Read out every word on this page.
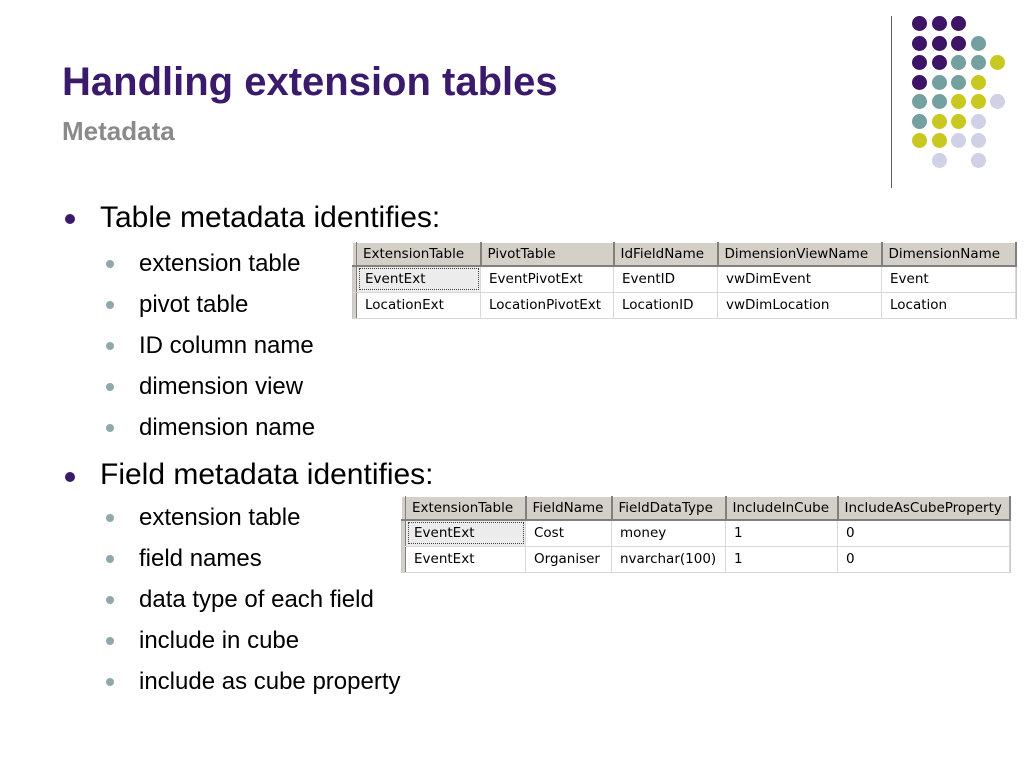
Handling extension tables
Metadata
Table metadata identifies:
extension table
pivot table
ID column name
dimension view
dimension name
Field metadata identifies:
extension table
field names
data type of each field
include in cube
include as cube property
	ExtensionTable	PivotTable	IdFieldName	DimensionViewName	DimensionName
	EventExt	EventPivotExt	EventID	vwDimEvent	Event
	LocationExt	LocationPivotExt	LocationID	vwDimLocation	Location
	ExtensionTable	FieldName	FieldDataType	IncludeInCube	IncludeAsCubeProperty
	EventExt	Cost	money	1	0
	EventExt	Organiser	nvarchar(100)	1	0
